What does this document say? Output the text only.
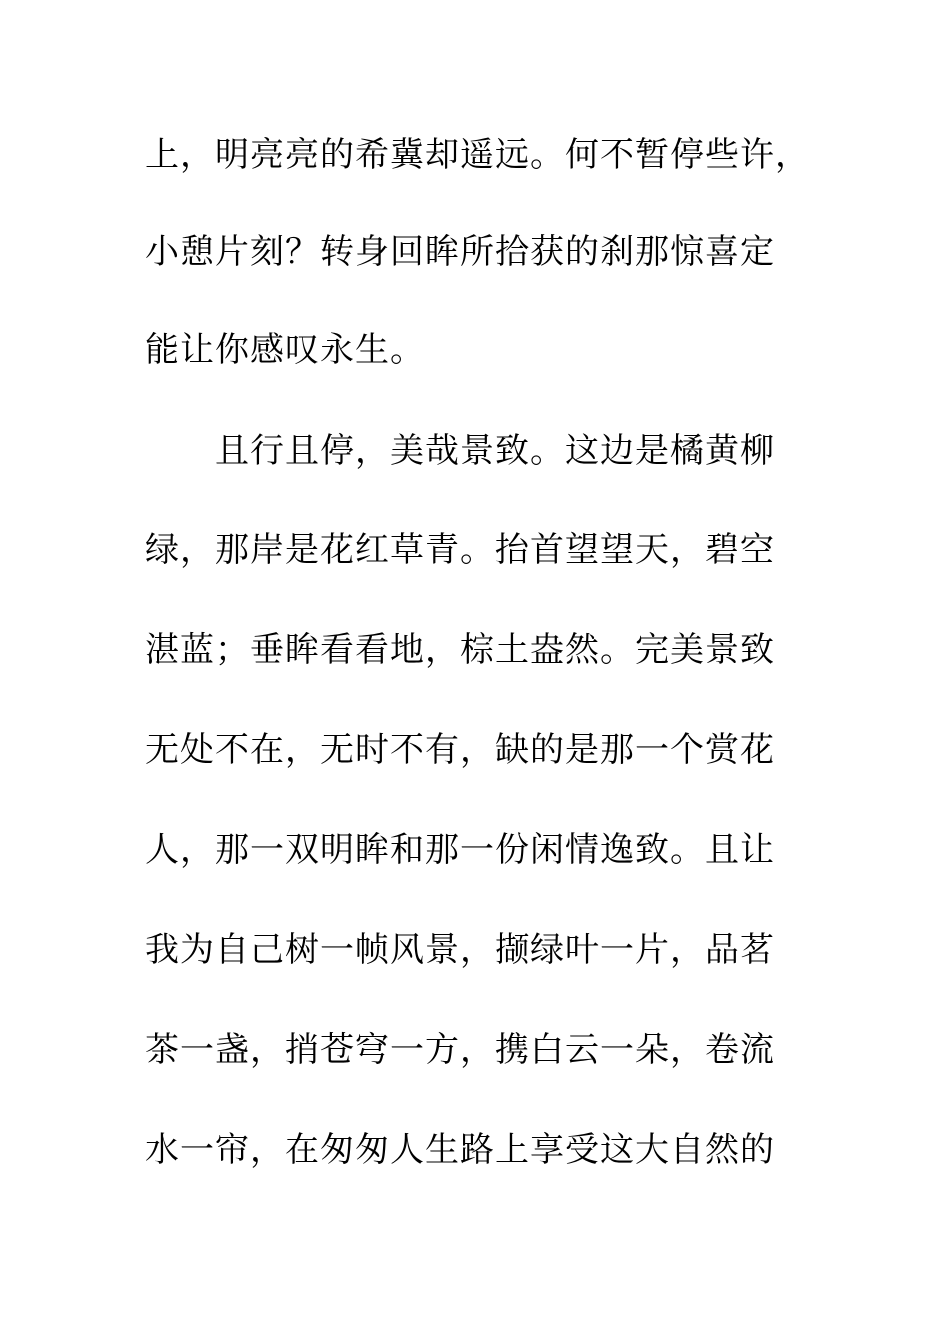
上，明亮亮的希冀却遥远。何不暂停些许，
小憩片刻？转身回眸所拾获的刹那惊喜定
能让你感叹永生。
　　且行且停，美哉景致。这边是橘黄柳
绿，那岸是花红草青。抬首望望天，碧空
湛蓝；垂眸看看地，棕土盎然。完美景致
无处不在，无时不有，缺的是那一个赏花
人，那一双明眸和那一份闲情逸致。且让
我为自己树一帧风景，撷绿叶一片，品茗
茶一盏，捎苍穹一方，携白云一朵，卷流
水一帘，在匆匆人生路上享受这大自然的
